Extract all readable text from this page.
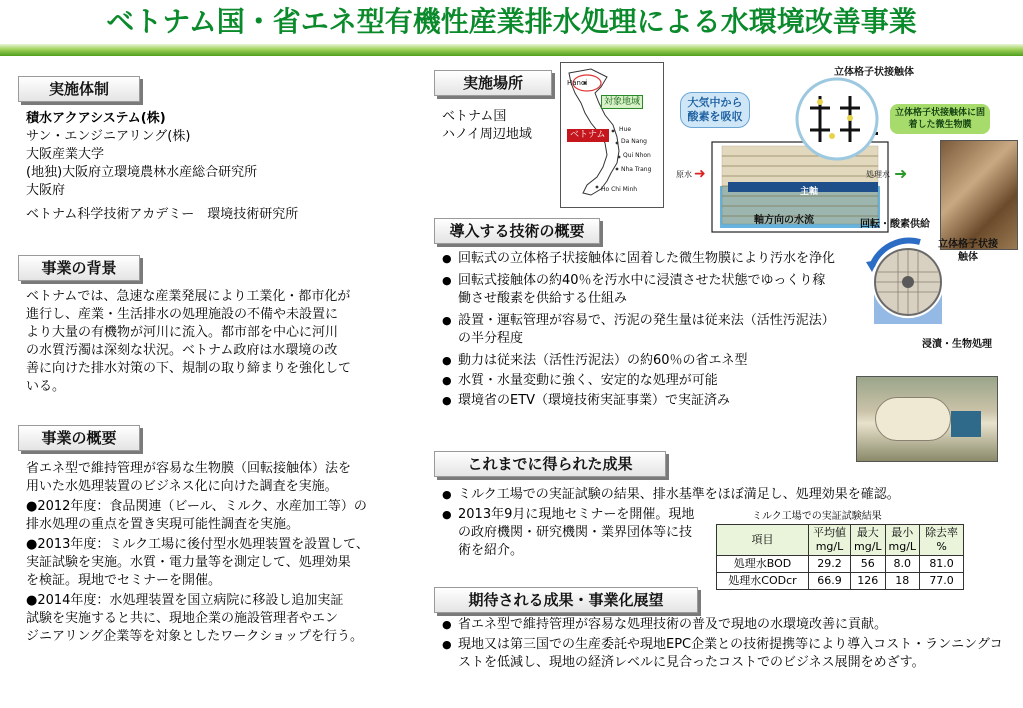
ベトナム国・省エネ型有機性産業排水処理による水環境改善事業
実施体制

積水アクアシステム(株)

サン・エンジニアリング(株)

大阪産業大学

(地独)大阪府立環境農林水産総合研究所

大阪府

ベトナム科学技術アカデミー　環境技術研究所

事業の背景

ベトナムでは、急速な産業発展により工業化・都市化が

進行し、産業・生活排水の処理施設の不備や未設置に

より大量の有機物が河川に流入。都市部を中心に河川

の水質汚濁は深刻な状況。ベトナム政府は水環境の改

善に向けた排水対策の下、規制の取り締まりを強化して

いる。

事業の概要

省エネ型で維持管理が容易な生物膜（回転接触体）法を

用いた水処理装置のビジネス化に向けた調査を実施。

●2012年度：食品関連（ビール、ミルク、水産加工等）の

排水処理の重点を置き実現可能性調査を実施。

●2013年度：ミルク工場に後付型水処理装置を設置して、

実証試験を実施。水質・電力量等を測定して、処理効果

を検証。現地でセミナーを開催。

●2014年度：水処理装置を国立病院に移設し追加実証

試験を実施すると共に、現地企業の施設管理者やエン

ジニアリング企業等を対象としたワークショップを行う。

実施場所

ベトナム国

ハノイ周辺地域

Hanoi
Hue
Da Nang
Qui Nhon
Nha Trang
Ho Chi Minh
対象地域
ベトナム
立体格子状接触体
大気中から酸素を吸収
主軸
原水 ➜	➜
処理水
軸方向の水流
立体格子状接触体に固着した微生物膜
回転・酸素供給
立体格子状接触体
浸漬・生物処理
導入する技術の概要
● 回転式の立体格子状接触体に固着した微生物膜により汚水を浄化
● 回転式接触体の約40％を汚水中に浸漬させた状態でゆっくり稼働させ酸素を供給する仕組み
● 設置・運転管理が容易で、汚泥の発生量は従来法（活性汚泥法）の半分程度
● 動力は従来法（活性汚泥法）の約60％の省エネ型
● 水質・水量変動に強く、安定的な処理が可能
● 環境省のETV（環境技術実証事業）で実証済み
これまでに得られた成果
● ミルク工場での実証試験の結果、排水基準をほぼ満足し、処理効果を確認。
● 2013年9月に現地セミナーを開催。現地の政府機関・研究機関・業界団体等に技術を紹介。
ミルク工場での実証試験結果
項目	平均値 mg/L	最大 mg/L	最小 mg/L	除去率 %
処理水BOD	29.2	56	8.0	81.0
処理水CODcr	66.9	126	18	77.0
期待される成果・事業化展望
● 省エネ型で維持管理が容易な処理技術の普及で現地の水環境改善に貢献。
● 現地又は第三国での生産委託や現地EPC企業との技術提携等により導入コスト・ランニングコストを低減し、現地の経済レベルに見合ったコストでのビジネス展開をめざす。
